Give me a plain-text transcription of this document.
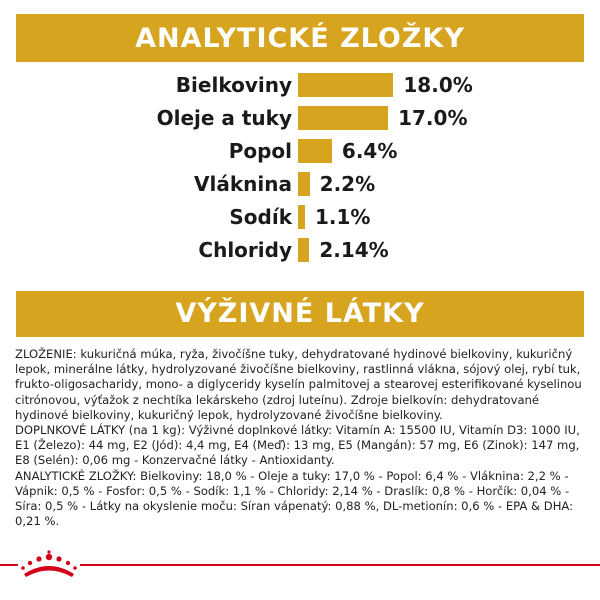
ANALYTICKÉ ZLOŽKY
Bielkoviny	18.0%
Oleje a tuky	17.0%
Popol 6.4%
Vláknina 2.2%
Sodík 1.1%
Chloridy 2.14%
VÝŽIVNÉ LÁTKY

ZLOŽENIE: kukuričná múka, ryža, živočíšne tuky, dehydratované hydinové bielkoviny, kukuričný lepok, minerálne látky, hydrolyzované živočíšne bielkoviny, rastlinná vlákna, sójový olej, rybí tuk, frukto-oligosacharidy, mono- a diglyceridy kyselín palmitovej a stearovej esterifikované kyselinou citrónovou, výťažok z nechtíka lekárskeho (zdroj luteínu). Zdroje bielkovín: dehydratované hydinové bielkoviny, kukuričný lepok, hydrolyzované živočíšne bielkoviny.

DOPLNKOVÉ LÁTKY (na 1 kg): Výživné doplnkové látky: Vitamín A: 15500 IU, Vitamín D3: 1000 IU, E1 (Železo): 44 mg, E2 (Jód): 4,4 mg, E4 (Meď): 13 mg, E5 (Mangán): 57 mg, E6 (Zinok): 147 mg, E8 (Selén): 0,06 mg - Konzervačné látky - Antioxidanty.

ANALYTICKÉ ZLOŽKY: Bielkoviny: 18,0 % - Oleje a tuky: 17,0 % - Popol: 6,4 % - Vláknina: 2,2 % - Vápnik: 0,5 % - Fosfor: 0,5 % - Sodík: 1,1 % - Chloridy: 2,14 % - Draslík: 0,8 % - Horčík: 0,04 % - Síra: 0,5 % - Látky na okyslenie moču: Síran vápenatý: 0,88 %, DL-metionín: 0,6 % - EPA & DHA: 0,21 %.
